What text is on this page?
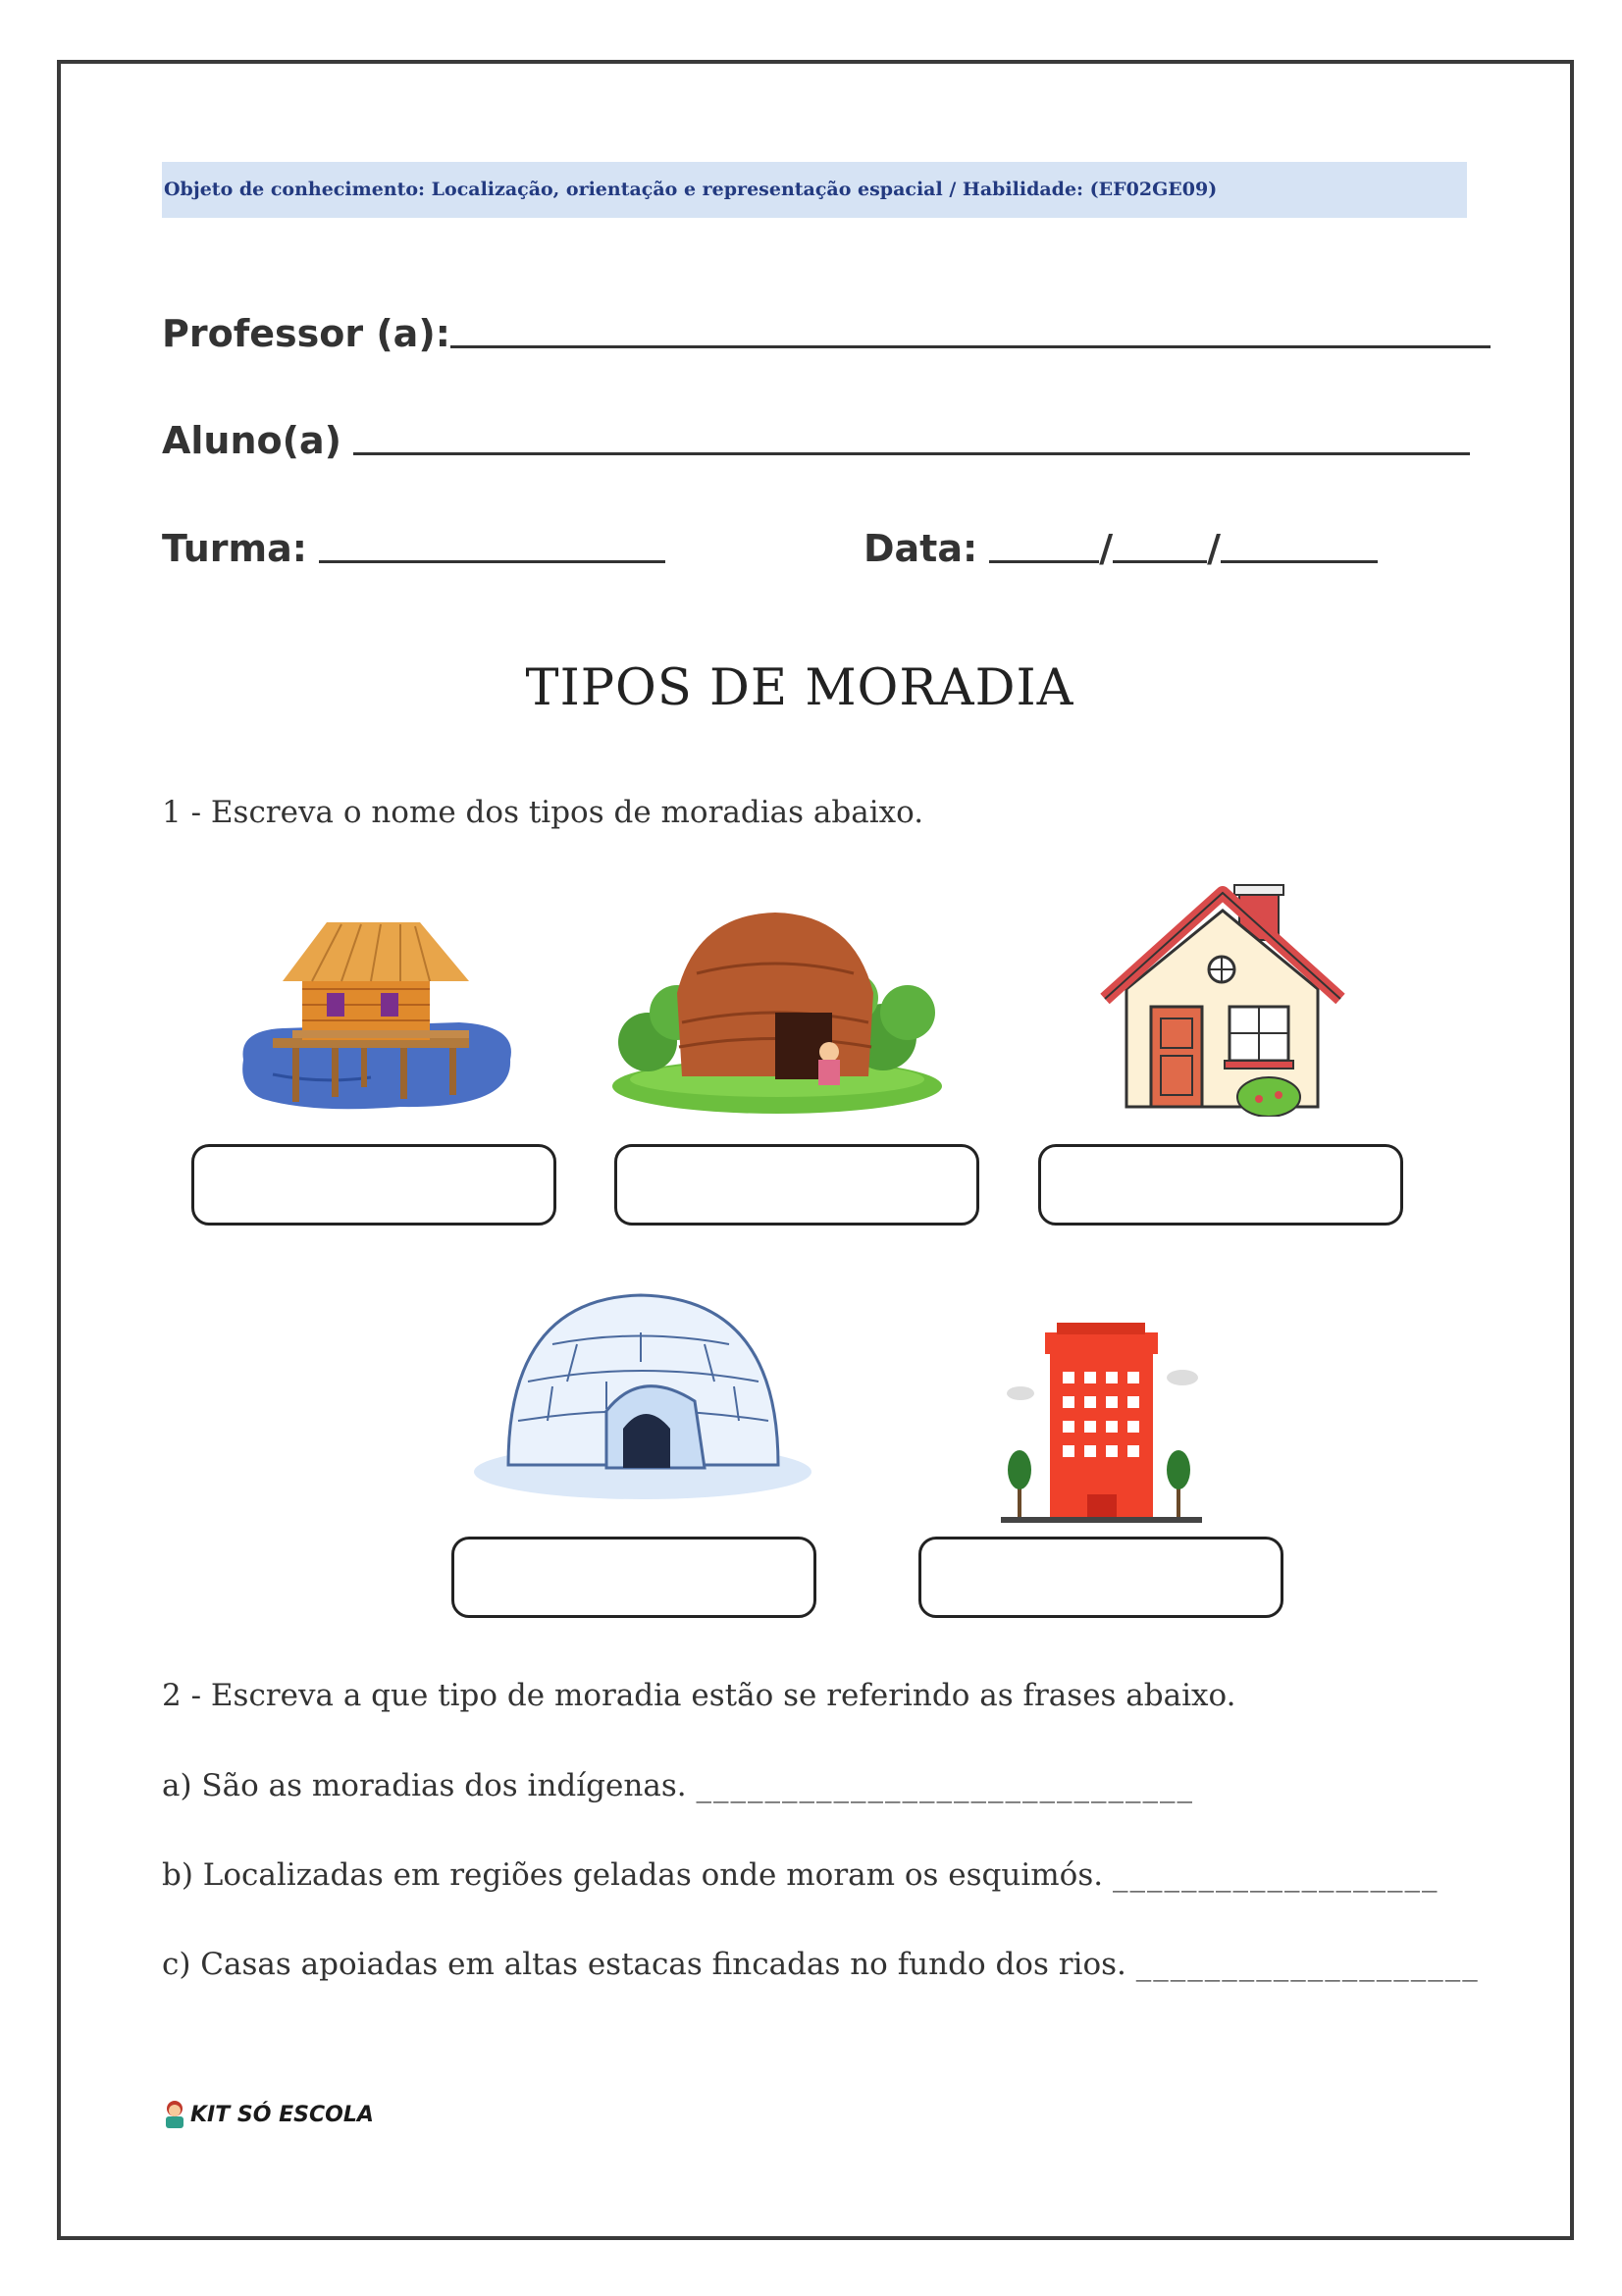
Objeto de conhecimento: Localização, orientação e representação espacial / Habilidade: (EF02GE09)
Professor (a):
Aluno(a)
Turma:	Data:	/	/
TIPOS DE MORADIA
1 - Escreva o nome dos tipos de moradias abaixo.
2 - Escreva a que tipo de moradia estão se referindo as frases abaixo.
a) São as moradias dos indígenas. _____________________________
b) Localizadas em regiões geladas onde moram os esquimós. ___________________
c) Casas apoiadas em altas estacas fincadas no fundo dos rios. ____________________
KIT SÓ ESCOLA
